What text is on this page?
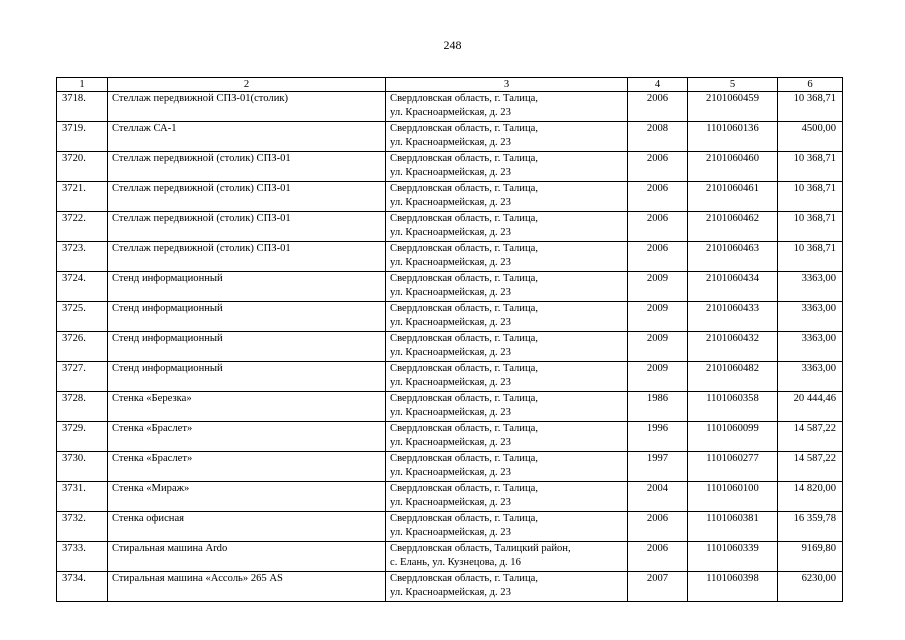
248
1	2	3	4	5	6
3718.	Стеллаж передвижной СПЗ-01(столик)	Свердловская область, г. Талица,
ул. Красноармейская, д. 23	2006	2101060459	10 368,71
3719.	Стеллаж СА-1	Свердловская область, г. Талица,
ул. Красноармейская, д. 23	2008	1101060136	4500,00
3720.	Стеллаж передвижной (столик) СПЗ-01	Свердловская область, г. Талица,
ул. Красноармейская, д. 23	2006	2101060460	10 368,71
3721.	Стеллаж передвижной (столик) СПЗ-01	Свердловская область, г. Талица,
ул. Красноармейская, д. 23	2006	2101060461	10 368,71
3722.	Стеллаж передвижной (столик) СПЗ-01	Свердловская область, г. Талица,
ул. Красноармейская, д. 23	2006	2101060462	10 368,71
3723.	Стеллаж передвижной (столик) СПЗ-01	Свердловская область, г. Талица,
ул. Красноармейская, д. 23	2006	2101060463	10 368,71
3724.	Стенд информационный	Свердловская область, г. Талица,
ул. Красноармейская, д. 23	2009	2101060434	3363,00
3725.	Стенд информационный	Свердловская область, г. Талица,
ул. Красноармейская, д. 23	2009	2101060433	3363,00
3726.	Стенд информационный	Свердловская область, г. Талица,
ул. Красноармейская, д. 23	2009	2101060432	3363,00
3727.	Стенд информационный	Свердловская область, г. Талица,
ул. Красноармейская, д. 23	2009	2101060482	3363,00
3728.	Стенка «Березка»	Свердловская область, г. Талица,
ул. Красноармейская, д. 23	1986	1101060358	20 444,46
3729.	Стенка «Браслет»	Свердловская область, г. Талица,
ул. Красноармейская, д. 23	1996	1101060099	14 587,22
3730.	Стенка «Браслет»	Свердловская область, г. Талица,
ул. Красноармейская, д. 23	1997	1101060277	14 587,22
3731.	Стенка «Мираж»	Свердловская область, г. Талица,
ул. Красноармейская, д. 23	2004	1101060100	14 820,00
3732.	Стенка офисная	Свердловская область, г. Талица,
ул. Красноармейская, д. 23	2006	1101060381	16 359,78
3733.	Стиральная машина Ardo	Свердловская область, Талицкий район,
с. Елань, ул. Кузнецова, д. 16	2006	1101060339	9169,80
3734.	Стиральная машина «Ассоль» 265 AS	Свердловская область, г. Талица,
ул. Красноармейская, д. 23	2007	1101060398	6230,00
